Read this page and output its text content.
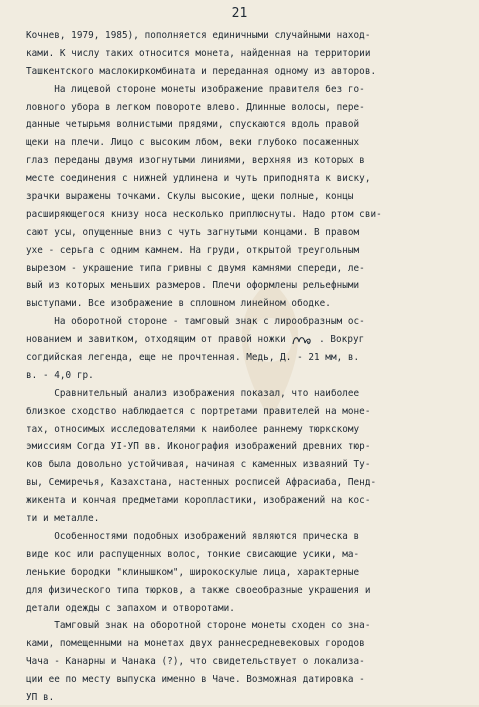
21
Кочнев, 1979, 1985), пополняется единичными случайными наход-
ками. К числу таких относится монета, найденная на территории
Ташкентского маслокиркомбината и переданная одному из авторов.
На лицевой стороне монеты изображение правителя без го-
ловного убора в легком повороте влево. Длинные волосы, пере-
данные четырьмя волнистыми прядями, спускаются вдоль правой
щеки на плечи. Лицо с высоким лбом, веки глубоко посаженных
глаз переданы двумя изогнутыми линиями, верхняя из которых в
месте соединения с нижней удлинена и чуть приподнята к виску,
зрачки выражены точками. Скулы высокие, щеки полные, концы
расширяющегося книзу носа несколько приплюснуты. Надо ртом сви-
сают усы, опущенные вниз с чуть загнутыми концами. В правом
ухе - серьга с одним камнем. На груди, открытой треугольным
вырезом - украшение типа гривны с двумя камнями спереди, ле-
вый из которых меньших размеров. Плечи оформлены рельефными
выступами. Все изображение в сплошном линейном ободке.
На оборотной стороне - тамговый знак с лирообразным ос-
нованием и завитком, отходящим от правой ножки	. Вокруг
согдийская легенда, еще не прочтенная. Медь, Д. - 21 мм, в.
в. - 4,0 гр.
Сравнительный анализ изображения показал, что наиболее
близкое сходство наблюдается с портретами правителей на моне-
тах, относимых исследователями к наиболее раннему тюркскому
эмиссиям Согда УI-УП вв. Иконография изображений древних тюр-
ков была довольно устойчивая, начиная с каменных изваяний Ту-
вы, Семиречья, Казахстана, настенных росписей Афрасиаба, Пенд-
жикента и кончая предметами коропластики, изображений на кос-
ти и металле.
Особенностями подобных изображений являются прическа в
виде кос или распущенных волос, тонкие свисающие усики, ма-
ленькие бородки "клинышком", широкоскулые лица, характерные
для физического типа тюрков, а также своеобразные украшения и
детали одежды с запахом и отворотами.
Тамговый знак на оборотной стороне монеты сходен со зна-
ками, помещенными на монетах двух раннесредневековых городов
Чача - Канарны и Чанака (?), что свидетельствует о локализа-
ции ее по месту выпуска именно в Чаче. Возможная датировка -
УП в.
